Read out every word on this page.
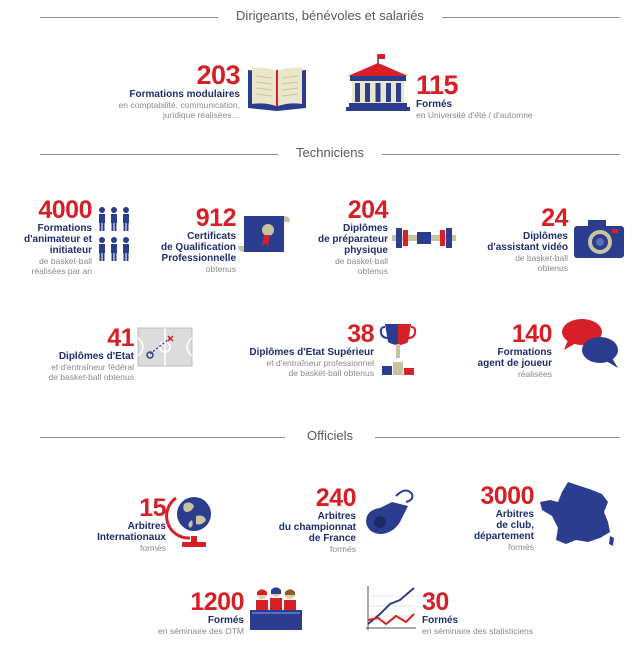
Dirigeants, bénévoles et salariés
Techniciens
Officiels
203
Formations modulaires
en comptabilité, communication,
juridique réalisées…
115
Formés
en Université d'été / d'automne
4000
Formations
d'animateur et
initiateur
de basket-ball
réalisées par an
912
Certificats
de Qualification
Professionnelle
obtenus
204
Diplômes
de préparateur
physique
de basket-ball
obtenus
24
Diplômes
d'assistant vidéo
de basket-ball
obtenus
41
Diplômes d'Etat
et d'entraîneur fédéral
de basket-ball obtenus
38
Diplômes d'Etat Supérieur
et d'entraîneur professionnel
de basket-ball obtenus
140
Formations
agent de joueur
réalisées
15
Arbitres
Internationaux
formés
240
Arbitres
du championnat
de France
formés
3000
Arbitres
de club,
département
formés
1200
Formés
en séminaire des OTM
30
Formés
en séminaire des statisticiens
